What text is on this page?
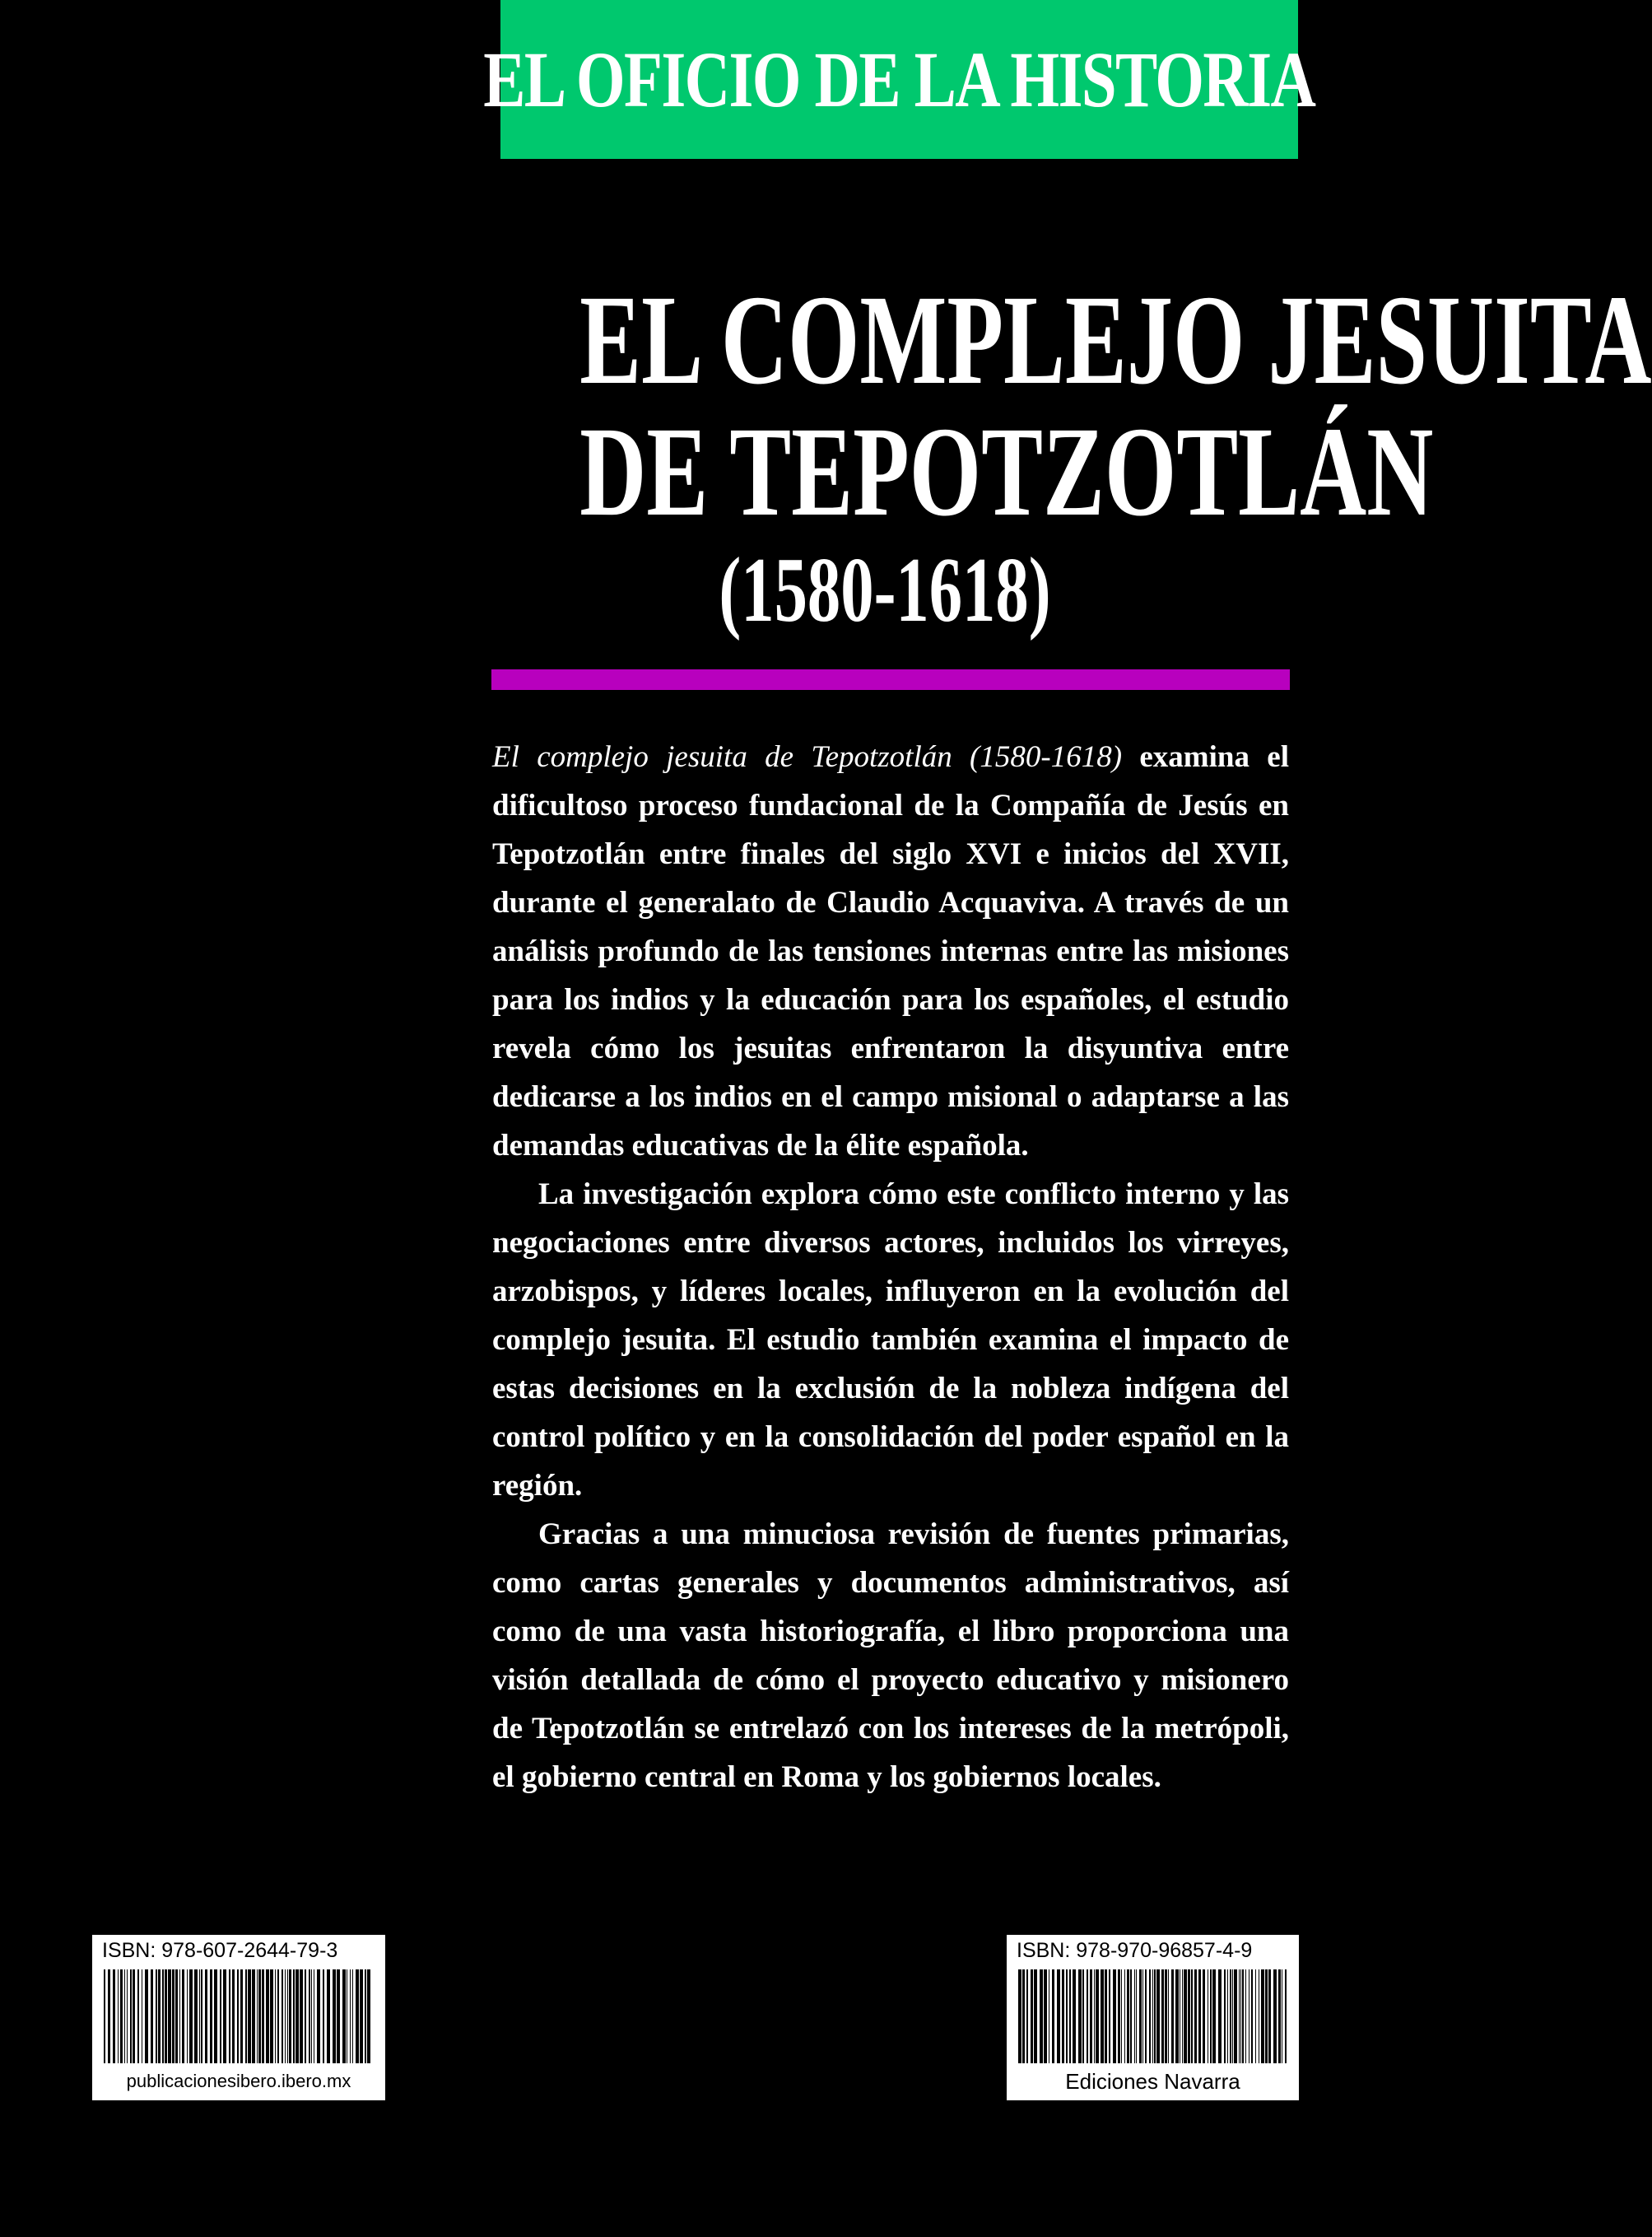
EL OFICIO DE LA HISTORIA
EL COMPLEJO JESUITA
DE TEPOTZOTLÁN
(1580-1618)

El complejo jesuita de Tepotzotlán (1580-1618) examina el dificultoso proceso fundacional de la Compañía de Jesús en Tepotzotlán entre finales del siglo XVI e inicios del XVII, durante el generalato de Claudio Acquaviva. A través de un análisis profundo de las tensiones internas entre las misiones para los indios y la educación para los españoles, el estudio revela cómo los jesuitas enfrentaron la disyuntiva entre dedicarse a los indios en el campo misional o adaptarse a las demandas educativas de la élite española.

La investigación explora cómo este conflicto interno y las negociaciones entre diversos actores, incluidos los virreyes, arzobispos, y líderes locales, influyeron en la evolución del complejo jesuita. El estudio también examina el impacto de estas decisiones en la exclusión de la nobleza indígena del control político y en la consolidación del poder español en la región.

Gracias a una minuciosa revisión de fuentes primarias, como cartas generales y documentos administrativos, así como de una vasta historiografía, el libro proporciona una visión detallada de cómo el proyecto educativo y misionero de Tepotzotlán se entrelazó con los intereses de la metrópoli, el gobierno central en Roma y los gobiernos locales.

ISBN: 978-607-2644-79-3
publicacionesibero.ibero.mx
ISBN: 978-970-96857-4-9
Ediciones Navarra
